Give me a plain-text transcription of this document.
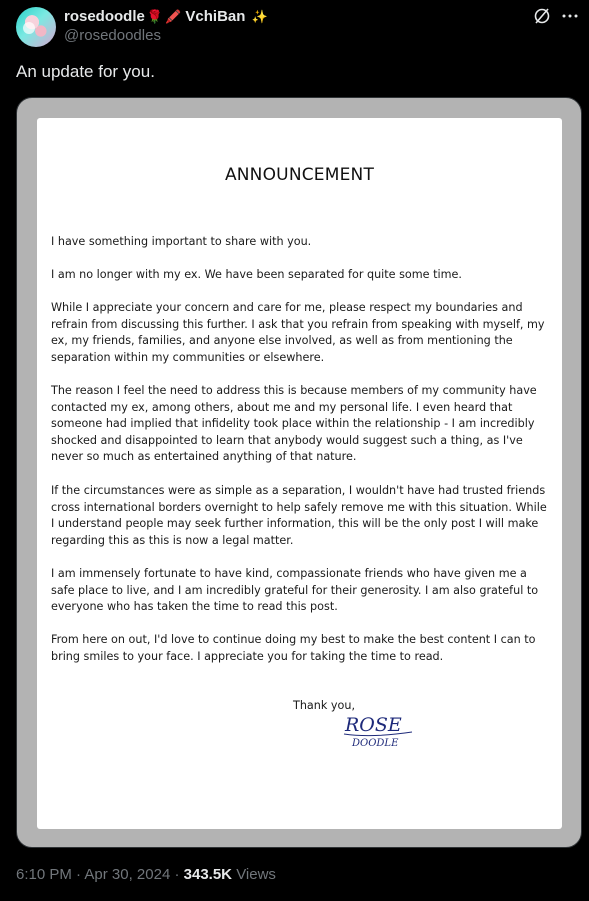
rosedoodle 🌹 🖍️ VchiBan ✨
@rosedoodles
An update for you.
ANNOUNCEMENT
I have something important to share with you.
I am no longer with my ex. We have been separated for quite some time.
While I appreciate your concern and care for me, please respect my boundaries and refrain from discussing this further. I ask that you refrain from speaking with myself, my ex, my friends, families, and anyone else involved, as well as from mentioning the separation within my communities or elsewhere.
The reason I feel the need to address this is because members of my community have contacted my ex, among others, about me and my personal life. I even heard that someone had implied that infidelity took place within the relationship - I am incredibly shocked and disappointed to learn that anybody would suggest such a thing, as I've never so much as entertained anything of that nature.
If the circumstances were as simple as a separation, I wouldn't have had trusted friends cross international borders overnight to help safely remove me with this situation. While I understand people may seek further information, this will be the only post I will make regarding this as this is now a legal matter.
I am immensely fortunate to have kind, compassionate friends who have given me a safe place to live, and I am incredibly grateful for their generosity. I am also grateful to everyone who has taken the time to read this post.
From here on out, I'd love to continue doing my best to make the best content I can to bring smiles to your face. I appreciate you for taking the time to read.
Thank you,
ROSE
DOODLE
6:10 PM · Apr 30, 2024 · 343.5K Views
